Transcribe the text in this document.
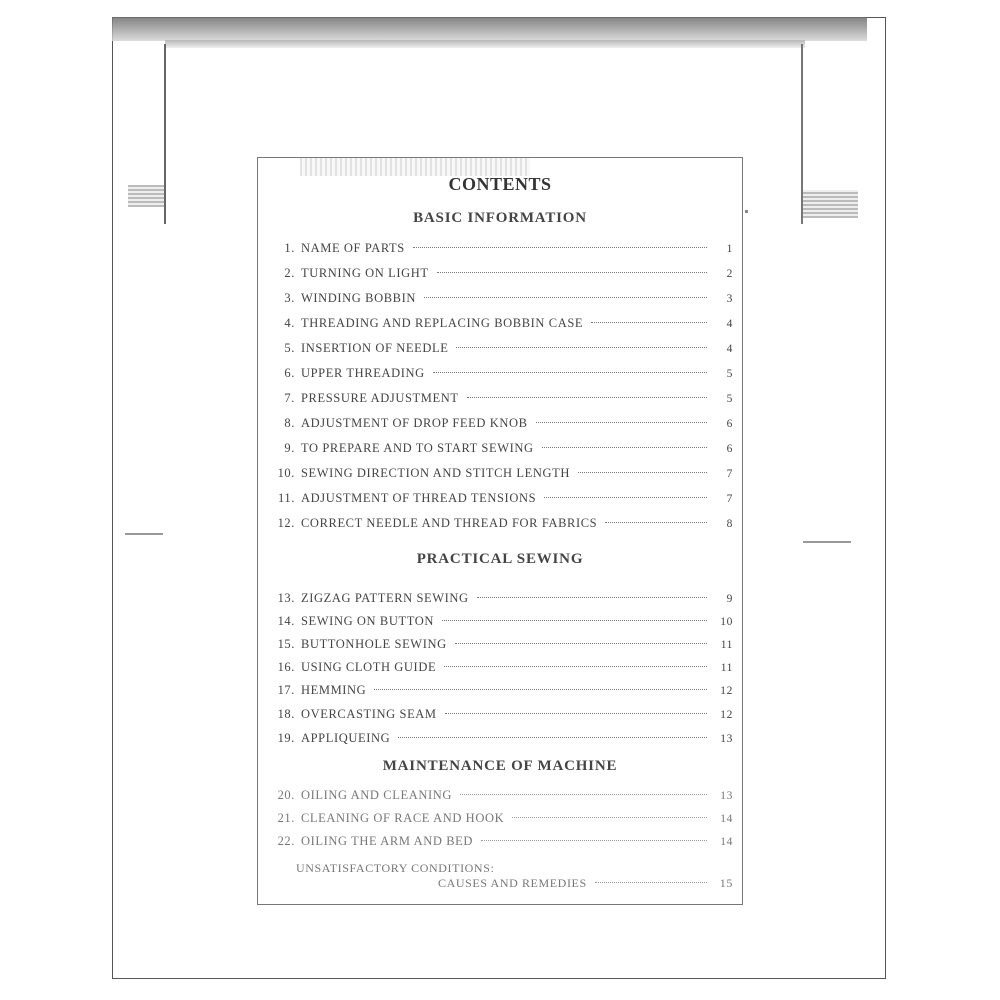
CONTENTS
BASIC INFORMATION
1. NAME OF PARTS	1
2. TURNING ON LIGHT	2
3. WINDING BOBBIN	3
4. THREADING AND REPLACING BOBBIN CASE	4
5. INSERTION OF NEEDLE	4
6. UPPER THREADING	5
7. PRESSURE ADJUSTMENT	5
8. ADJUSTMENT OF DROP FEED KNOB	6
9. TO PREPARE AND TO START SEWING	6
10. SEWING DIRECTION AND STITCH LENGTH	7
11. ADJUSTMENT OF THREAD TENSIONS	7
12. CORRECT NEEDLE AND THREAD FOR FABRICS	8
PRACTICAL SEWING
13. ZIGZAG PATTERN SEWING	9
14. SEWING ON BUTTON	10
15. BUTTONHOLE SEWING	11
16. USING CLOTH GUIDE	11
17. HEMMING	12
18. OVERCASTING SEAM	12
19. APPLIQUEING	13
MAINTENANCE OF MACHINE
20. OILING AND CLEANING	13
21. CLEANING OF RACE AND HOOK	14
22. OILING THE ARM AND BED	14
UNSATISFACTORY CONDITIONS:
CAUSES AND REMEDIES	15
